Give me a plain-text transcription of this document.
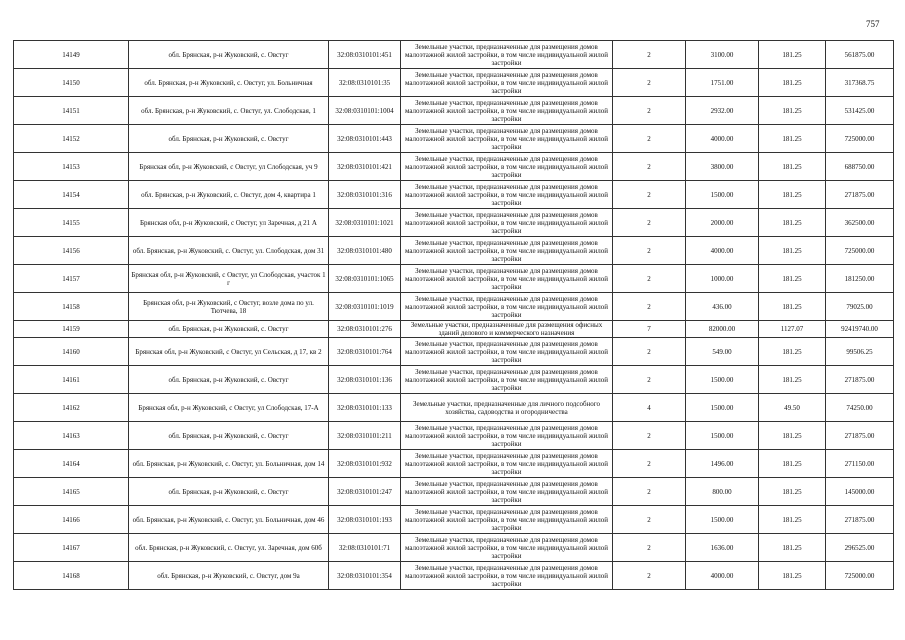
757
14149	обл. Брянская, р-н Жуковский, с. Овстуг	32:08:0310101:451	Земельные участки, предназначенные для размещения домов малоэтажной жилой застройки, в том числе индивидуальной жилой застройки	2	3100.00	181.25	561875.00
14150	обл. Брянская, р-н Жуковский, с. Овстуг, ул. Больничная	32:08:0310101:35	Земельные участки, предназначенные для размещения домов малоэтажной жилой застройки, в том числе индивидуальной жилой застройки	2	1751.00	181.25	317368.75
14151	обл. Брянская, р-н Жуковский, с. Овстуг, ул. Слободская, 1	32:08:0310101:1004	Земельные участки, предназначенные для размещения домов малоэтажной жилой застройки, в том числе индивидуальной жилой застройки	2	2932.00	181.25	531425.00
14152	обл. Брянская, р-н Жуковский, с. Овстуг	32:08:0310101:443	Земельные участки, предназначенные для размещения домов малоэтажной жилой застройки, в том числе индивидуальной жилой застройки	2	4000.00	181.25	725000.00
14153	Брянская обл, р-н Жуковский, с Овстуг, ул Слободская, уч 9	32:08:0310101:421	Земельные участки, предназначенные для размещения домов малоэтажной жилой застройки, в том числе индивидуальной жилой застройки	2	3800.00	181.25	688750.00
14154	обл. Брянская, р-н Жуковский, с. Овстуг, дом 4, квартира 1	32:08:0310101:316	Земельные участки, предназначенные для размещения домов малоэтажной жилой застройки, в том числе индивидуальной жилой застройки	2	1500.00	181.25	271875.00
14155	Брянская обл, р-н Жуковский, с Овстуг, ул Заречная, д 21 А	32:08:0310101:1021	Земельные участки, предназначенные для размещения домов малоэтажной жилой застройки, в том числе индивидуальной жилой застройки	2	2000.00	181.25	362500.00
14156	обл. Брянская, р-н Жуковский, с. Овстуг, ул. Слободская, дом 31	32:08:0310101:480	Земельные участки, предназначенные для размещения домов малоэтажной жилой застройки, в том числе индивидуальной жилой застройки	2	4000.00	181.25	725000.00
14157	Брянская обл, р-н Жуковский, с Овстуг, ул Слободская, участок 1 г	32:08:0310101:1065	Земельные участки, предназначенные для размещения домов малоэтажной жилой застройки, в том числе индивидуальной жилой застройки	2	1000.00	181.25	181250.00
14158	Брянская обл, р-н Жуковский, с Овстуг, возле дома по ул. Тютчева, 18	32:08:0310101:1019	Земельные участки, предназначенные для размещения домов малоэтажной жилой застройки, в том числе индивидуальной жилой застройки	2	436.00	181.25	79025.00
14159	обл. Брянская, р-н Жуковский, с. Овстуг	32:08:0310101:276	Земельные участки, предназначенные для размещения офисных зданий делового и коммерческого назначения	7	82000.00	1127.07	92419740.00
14160	Брянская обл, р-н Жуковский, с Овстуг, ул Сельская, д 17, кв 2	32:08:0310101:764	Земельные участки, предназначенные для размещения домов малоэтажной жилой застройки, в том числе индивидуальной жилой застройки	2	549.00	181.25	99506.25
14161	обл. Брянская, р-н Жуковский, с. Овстуг	32:08:0310101:136	Земельные участки, предназначенные для размещения домов малоэтажной жилой застройки, в том числе индивидуальной жилой застройки	2	1500.00	181.25	271875.00
14162	Брянская обл, р-н Жуковский, с Овстуг, ул Слободская, 17-А	32:08:0310101:133	Земельные участки, предназначенные для личного подсобного хозяйства, садоводства и огородничества	4	1500.00	49.50	74250.00
14163	обл. Брянская, р-н Жуковский, с. Овстуг	32:08:0310101:211	Земельные участки, предназначенные для размещения домов малоэтажной жилой застройки, в том числе индивидуальной жилой застройки	2	1500.00	181.25	271875.00
14164	обл. Брянская, р-н Жуковский, с. Овстуг, ул. Больничная, дом 14	32:08:0310101:932	Земельные участки, предназначенные для размещения домов малоэтажной жилой застройки, в том числе индивидуальной жилой застройки	2	1496.00	181.25	271150.00
14165	обл. Брянская, р-н Жуковский, с. Овстуг	32:08:0310101:247	Земельные участки, предназначенные для размещения домов малоэтажной жилой застройки, в том числе индивидуальной жилой застройки	2	800.00	181.25	145000.00
14166	обл. Брянская, р-н Жуковский, с. Овстуг, ул. Больничная, дом 46	32:08:0310101:193	Земельные участки, предназначенные для размещения домов малоэтажной жилой застройки, в том числе индивидуальной жилой застройки	2	1500.00	181.25	271875.00
14167	обл. Брянская, р-н Жуковский, с. Овстуг, ул. Заречная, дом 60б	32:08:0310101:71	Земельные участки, предназначенные для размещения домов малоэтажной жилой застройки, в том числе индивидуальной жилой застройки	2	1636.00	181.25	296525.00
14168	обл. Брянская, р-н Жуковский, с. Овстуг, дом 9а	32:08:0310101:354	Земельные участки, предназначенные для размещения домов малоэтажной жилой застройки, в том числе индивидуальной жилой застройки	2	4000.00	181.25	725000.00
